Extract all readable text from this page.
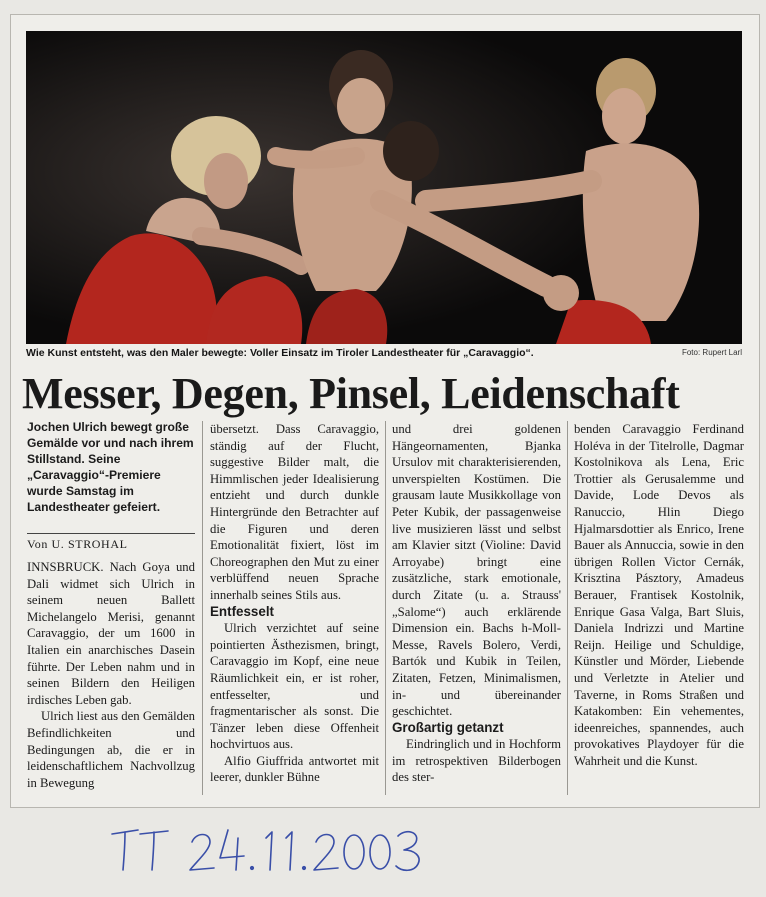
Wie Kunst entsteht, was den Maler bewegte: Voller Einsatz im Tiroler Landestheater für „Caravaggio“.	Foto: Rupert Larl
Messer, Degen, Pinsel, Leidenschaft
Jochen Ulrich bewegt große Gemälde vor und nach ihrem Stillstand. Seine „Caravaggio“-Premiere wurde Samstag im Landestheater gefeiert.
Von U. STROHAL

INNSBRUCK. Nach Goya und Dali widmet sich Ulrich in seinem neuen Ballett Michelangelo Merisi, genannt Caravaggio, der um 1600 in Italien ein anarchisches Dasein führte. Der Leben nahm und in seinen Bildern den Heiligen irdisches Leben gab.

Ulrich liest aus den Gemälden Befindlichkeiten und Bedingungen ab, die er in leidenschaftlichem Nachvollzug in Bewegung

übersetzt. Dass Caravaggio, ständig auf der Flucht, suggestive Bilder malt, die Himmlischen jeder Idealisierung entzieht und durch dunkle Hintergründe den Betrachter auf die Figuren und deren Emotionalität fixiert, löst im Choreographen den Mut zu einer verblüffend neuen Sprache innerhalb seines Stils aus.

Entfesselt

Ulrich verzichtet auf seine pointierten Ästhezismen, bringt, Caravaggio im Kopf, eine neue Räumlichkeit ein, er ist roher, entfesselter, und fragmentarischer als sonst. Die Tänzer leben diese Offenheit hochvirtuos aus.

Alfio Giuffrida antwortet mit leerer, dunkler Bühne

und drei goldenen Hängeornamenten, Bjanka Ursulov mit charakterisierenden, unverspielten Kostümen. Die grausam laute Musikkollage von Peter Kubik, der passagenweise live musizieren lässt und selbst am Klavier sitzt (Violine: David Arroyabe) bringt eine zusätzliche, stark emotionale, durch Zitate (u. a. Strauss' „Salome“) auch erklärende Dimension ein. Bachs h-Moll-Messe, Ravels Bolero, Verdi, Bartók und Kubik in Teilen, Zitaten, Fetzen, Minimalismen, in- und übereinander geschichtet.

Großartig getanzt

Eindringlich und in Hochform im retrospektiven Bilderbogen des ster-

benden Caravaggio Ferdinand Holéva in der Titelrolle, Dagmar Kostolnikova als Lena, Eric Trottier als Gerusalemme und Davide, Lode Devos als Ranuccio, Hlin Diego Hjalmarsdottier als Enrico, Irene Bauer als Annuccia, sowie in den übrigen Rollen Victor Cernák, Krisztina Pásztory, Amadeus Berauer, Frantisek Kostolnik, Enrique Gasa Valga, Bart Sluis, Daniela Indrizzi und Martine Reijn. Heilige und Schuldige, Künstler und Mörder, Liebende und Verletzte in Atelier und Taverne, in Roms Straßen und Katakomben: Ein vehementes, ideenreiches, spannendes, auch provokatives Playdoyer für die Wahrheit und die Kunst.

TT 24.11.2003
